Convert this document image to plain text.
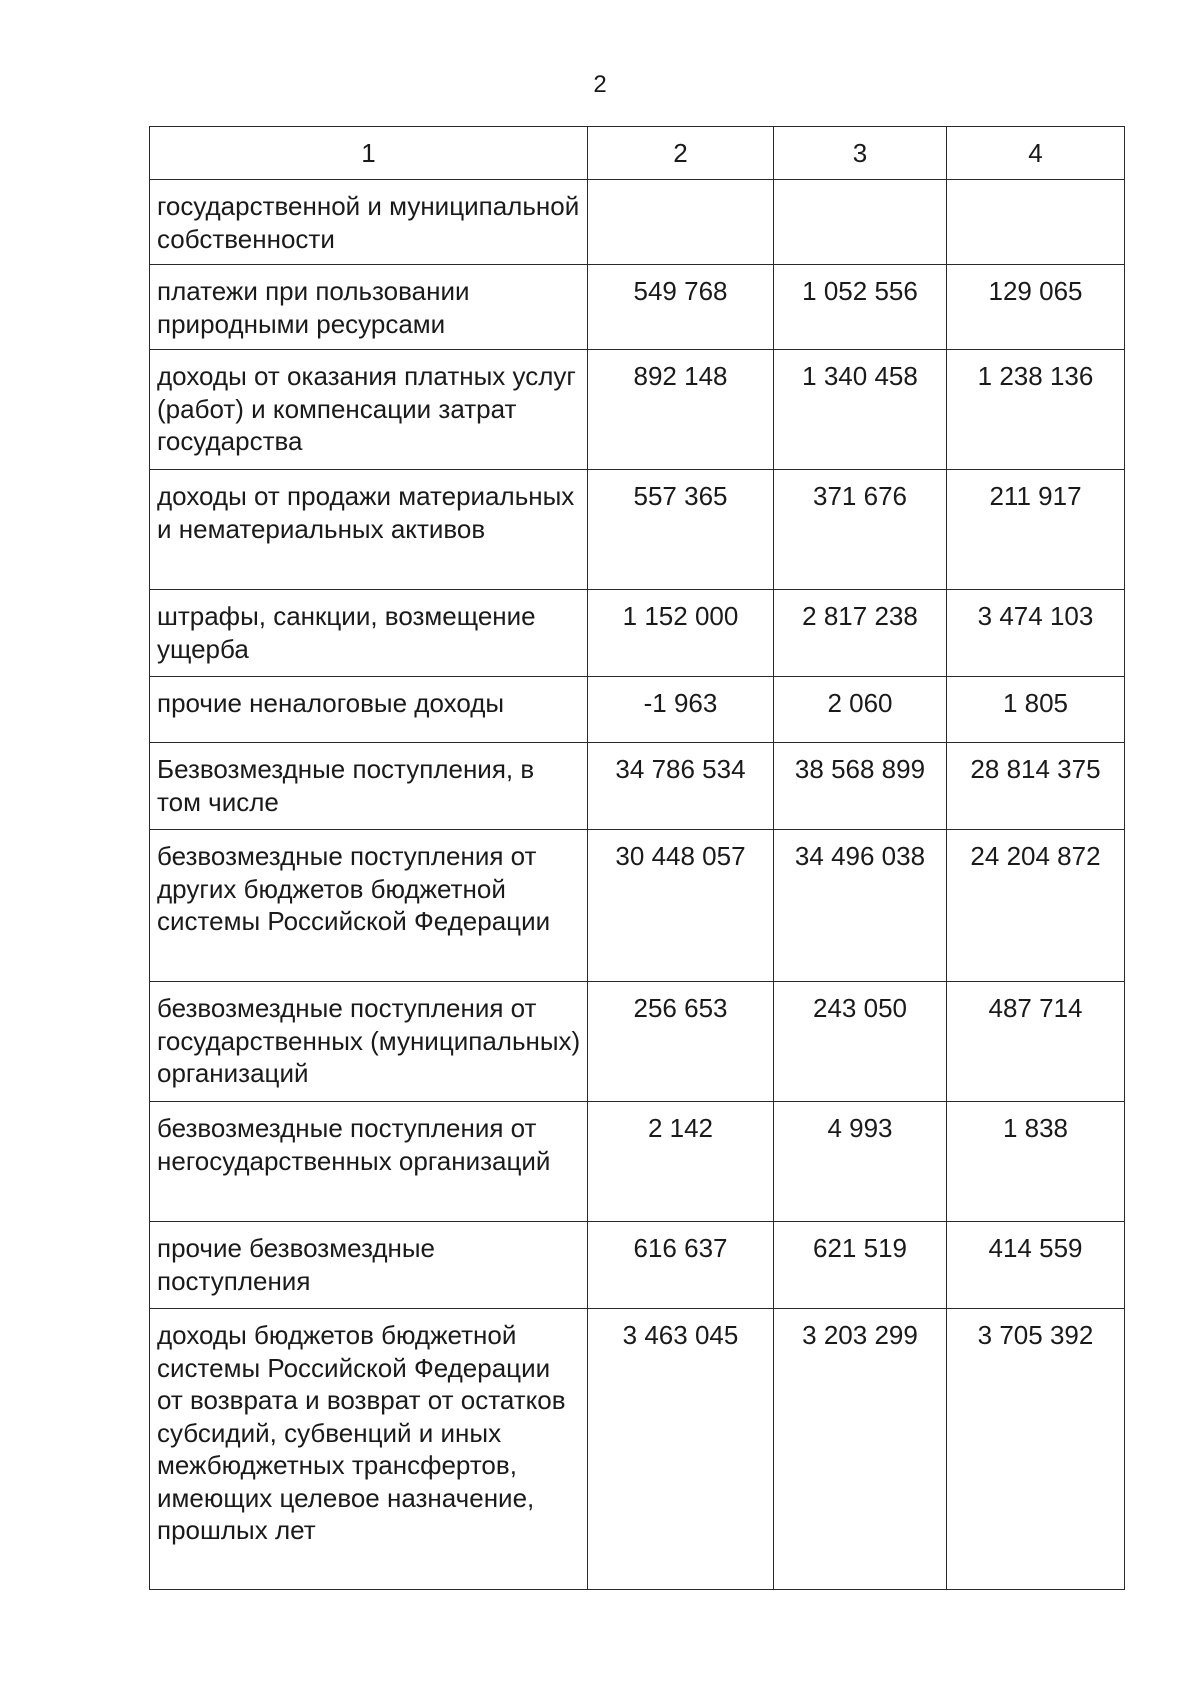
2
1	2	3	4
государственной и муниципальной собственности			
платежи при пользовании природными ресурсами	549 768	1 052 556	129 065
доходы от оказания платных услуг (работ) и компенсации затрат государства	892 148	1 340 458	1 238 136
доходы от продажи материальных и нематериальных активов	557 365	371 676	211 917
штрафы, санкции, возмещение ущерба	1 152 000	2 817 238	3 474 103
прочие неналоговые доходы	-1 963	2 060	1 805
Безвозмездные поступления, в том числе	34 786 534	38 568 899	28 814 375
безвозмездные поступления от других бюджетов бюджетной системы Российской Федерации	30 448 057	34 496 038	24 204 872
безвозмездные поступления от государственных (муниципальных) организаций	256 653	243 050	487 714
безвозмездные поступления от негосударственных организаций	2 142	4 993	1 838
прочие безвозмездные поступления	616 637	621 519	414 559
доходы бюджетов бюджетной системы Российской Федерации от возврата и возврат от остатков субсидий, субвенций и иных межбюджетных трансфертов, имеющих целевое назначение, прошлых лет	3 463 045	3 203 299	3 705 392
